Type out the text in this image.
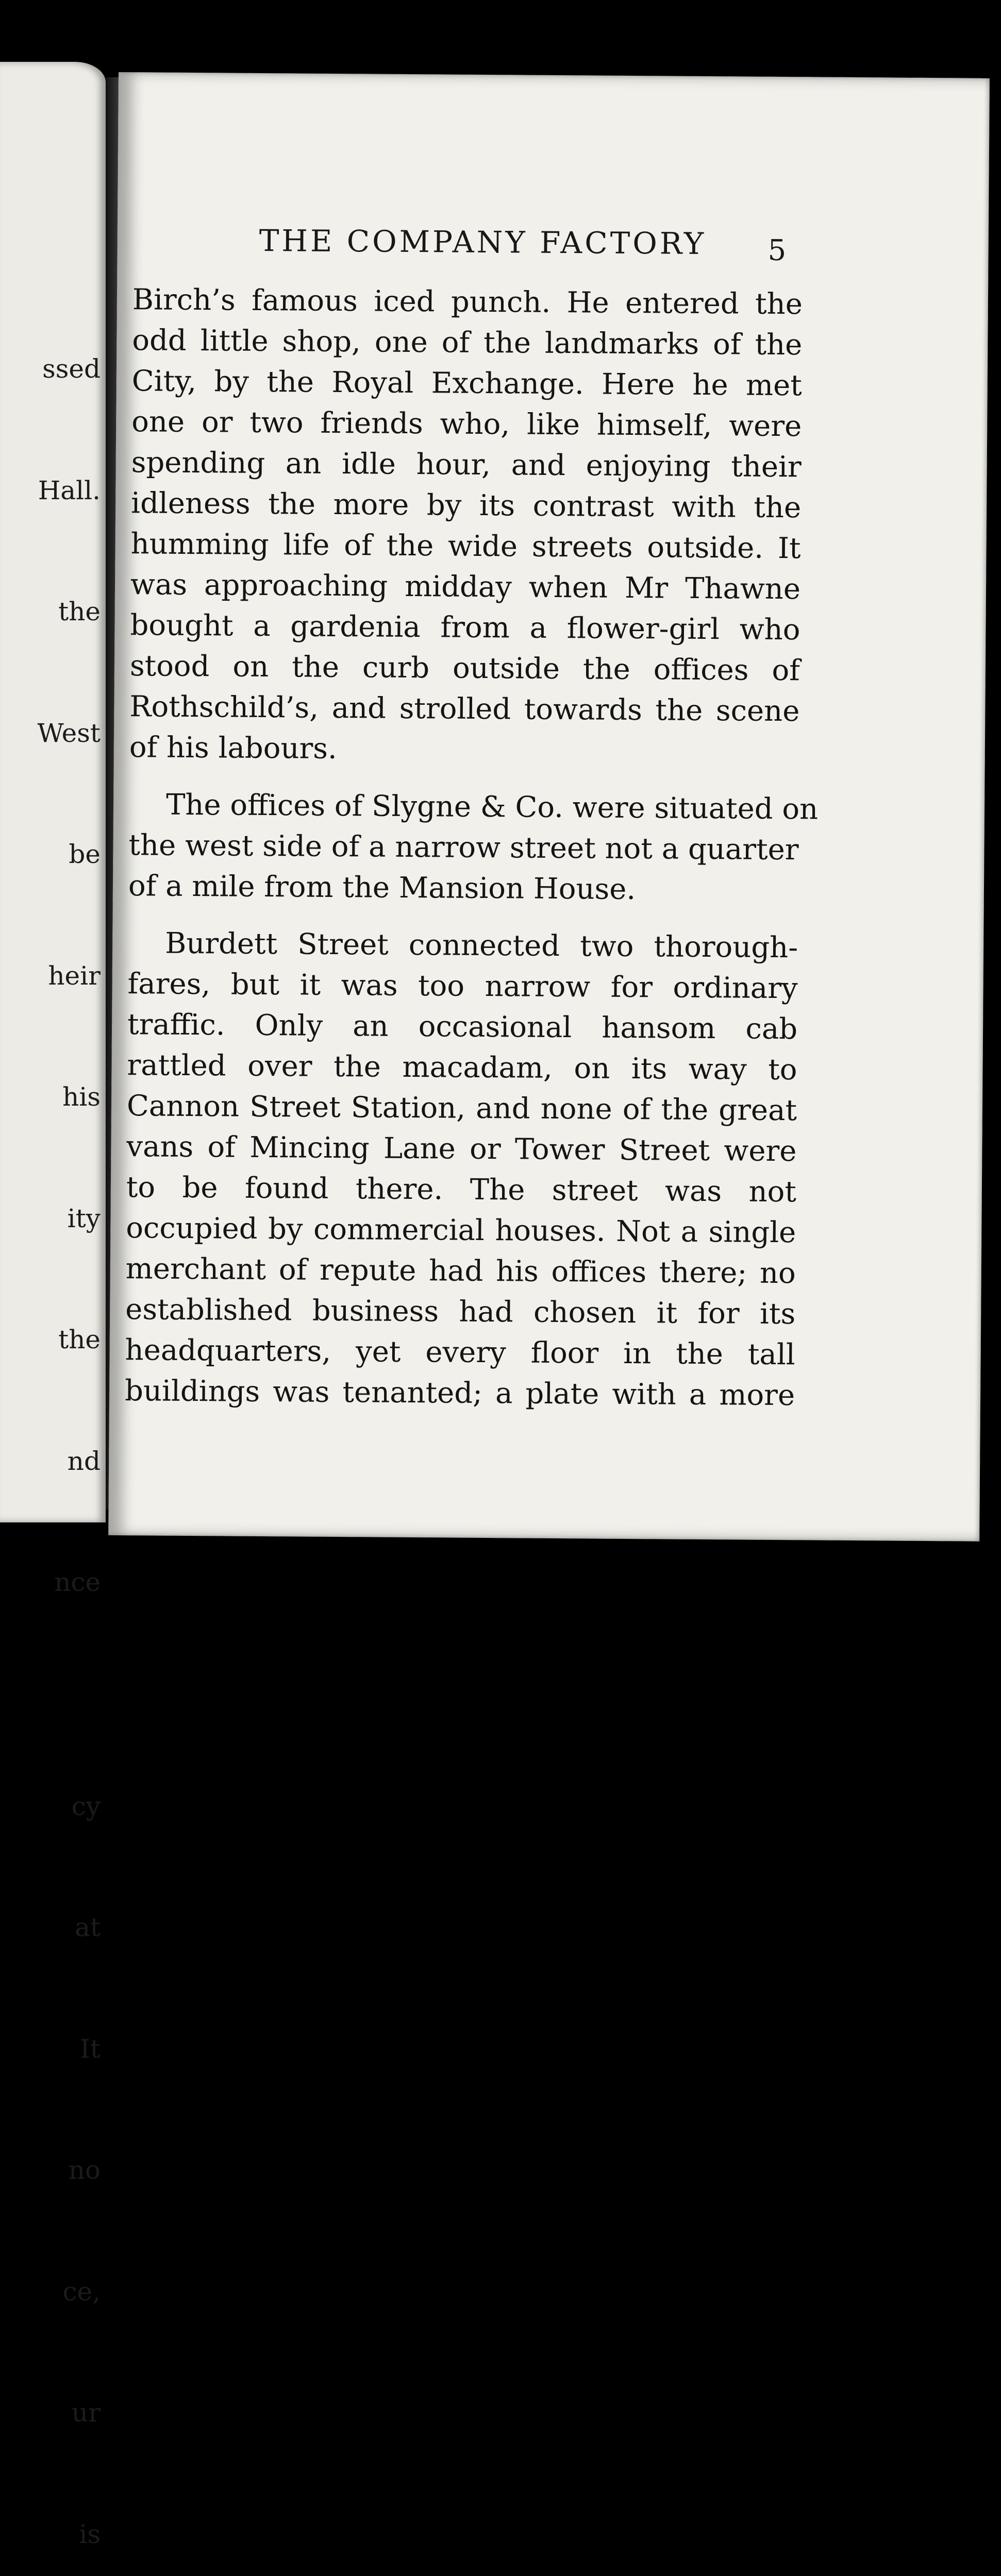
ssed

Hall.

the

West

be

heir

his

ity

the

nd

nce

cy

at

It

no

ce,

ur

is

THE COMPANY FACTORY	5
Birch’s famous iced punch. He entered the
odd little shop, one of the landmarks of the
City, by the Royal Exchange. Here he met
one or two friends who, like himself, were
spending an idle hour, and enjoying their
idleness the more by its contrast with the
humming life of the wide streets outside. It
was approaching midday when Mr Thawne
bought a gardenia from a flower-girl who
stood on the curb outside the offices of
Rothschild’s, and strolled towards the scene
of his labours.
The offices of Slygne & Co. were situated on
the west side of a narrow street not a quarter
of a mile from the Mansion House.
Burdett Street connected two thorough-
fares, but it was too narrow for ordinary
traffic. Only an occasional hansom cab
rattled over the macadam, on its way to
Cannon Street Station, and none of the great
vans of Mincing Lane or Tower Street were
to be found there. The street was not
occupied by commercial houses. Not a single
merchant of repute had his offices there; no
established business had chosen it for its
headquarters, yet every floor in the tall
buildings was tenanted; a plate with a more
